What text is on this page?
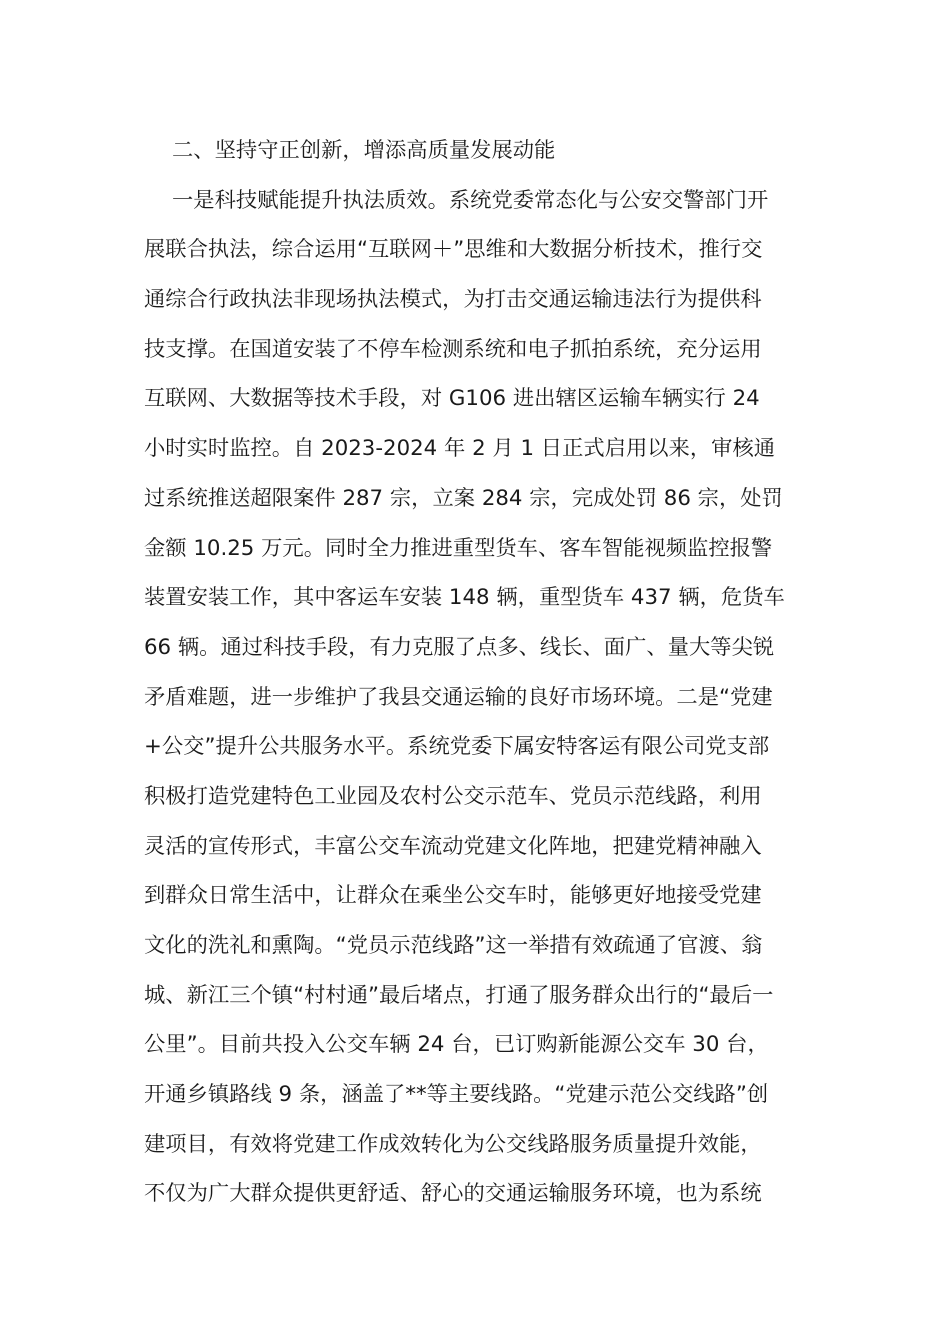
二、坚持守正创新，增添高质量发展动能
一是科技赋能提升执法质效。系统党委常态化与公安交警部门开
展联合执法，综合运用“互联网＋”思维和大数据分析技术，推行交
通综合行政执法非现场执法模式，为打击交通运输违法行为提供科
技支撑。在国道安装了不停车检测系统和电子抓拍系统，充分运用
互联网、大数据等技术手段，对 G106 进出辖区运输车辆实行 24
小时实时监控。自 2023-2024 年 2 月 1 日正式启用以来，审核通
过系统推送超限案件 287 宗，立案 284 宗，完成处罚 86 宗，处罚
金额 10.25 万元。同时全力推进重型货车、客车智能视频监控报警
装置安装工作，其中客运车安装 148 辆，重型货车 437 辆，危货车
66 辆。通过科技手段，有力克服了点多、线长、面广、量大等尖锐
矛盾难题，进一步维护了我县交通运输的良好市场环境。二是“党建
+公交”提升公共服务水平。系统党委下属安特客运有限公司党支部
积极打造党建特色工业园及农村公交示范车、党员示范线路，利用
灵活的宣传形式，丰富公交车流动党建文化阵地，把建党精神融入
到群众日常生活中，让群众在乘坐公交车时，能够更好地接受党建
文化的洗礼和熏陶。“党员示范线路”这一举措有效疏通了官渡、翁
城、新江三个镇“村村通”最后堵点，打通了服务群众出行的“最后一
公里”。目前共投入公交车辆 24 台，已订购新能源公交车 30 台，
开通乡镇路线 9 条，涵盖了**等主要线路。“党建示范公交线路”创
建项目，有效将党建工作成效转化为公交线路服务质量提升效能，
不仅为广大群众提供更舒适、舒心的交通运输服务环境，也为系统
